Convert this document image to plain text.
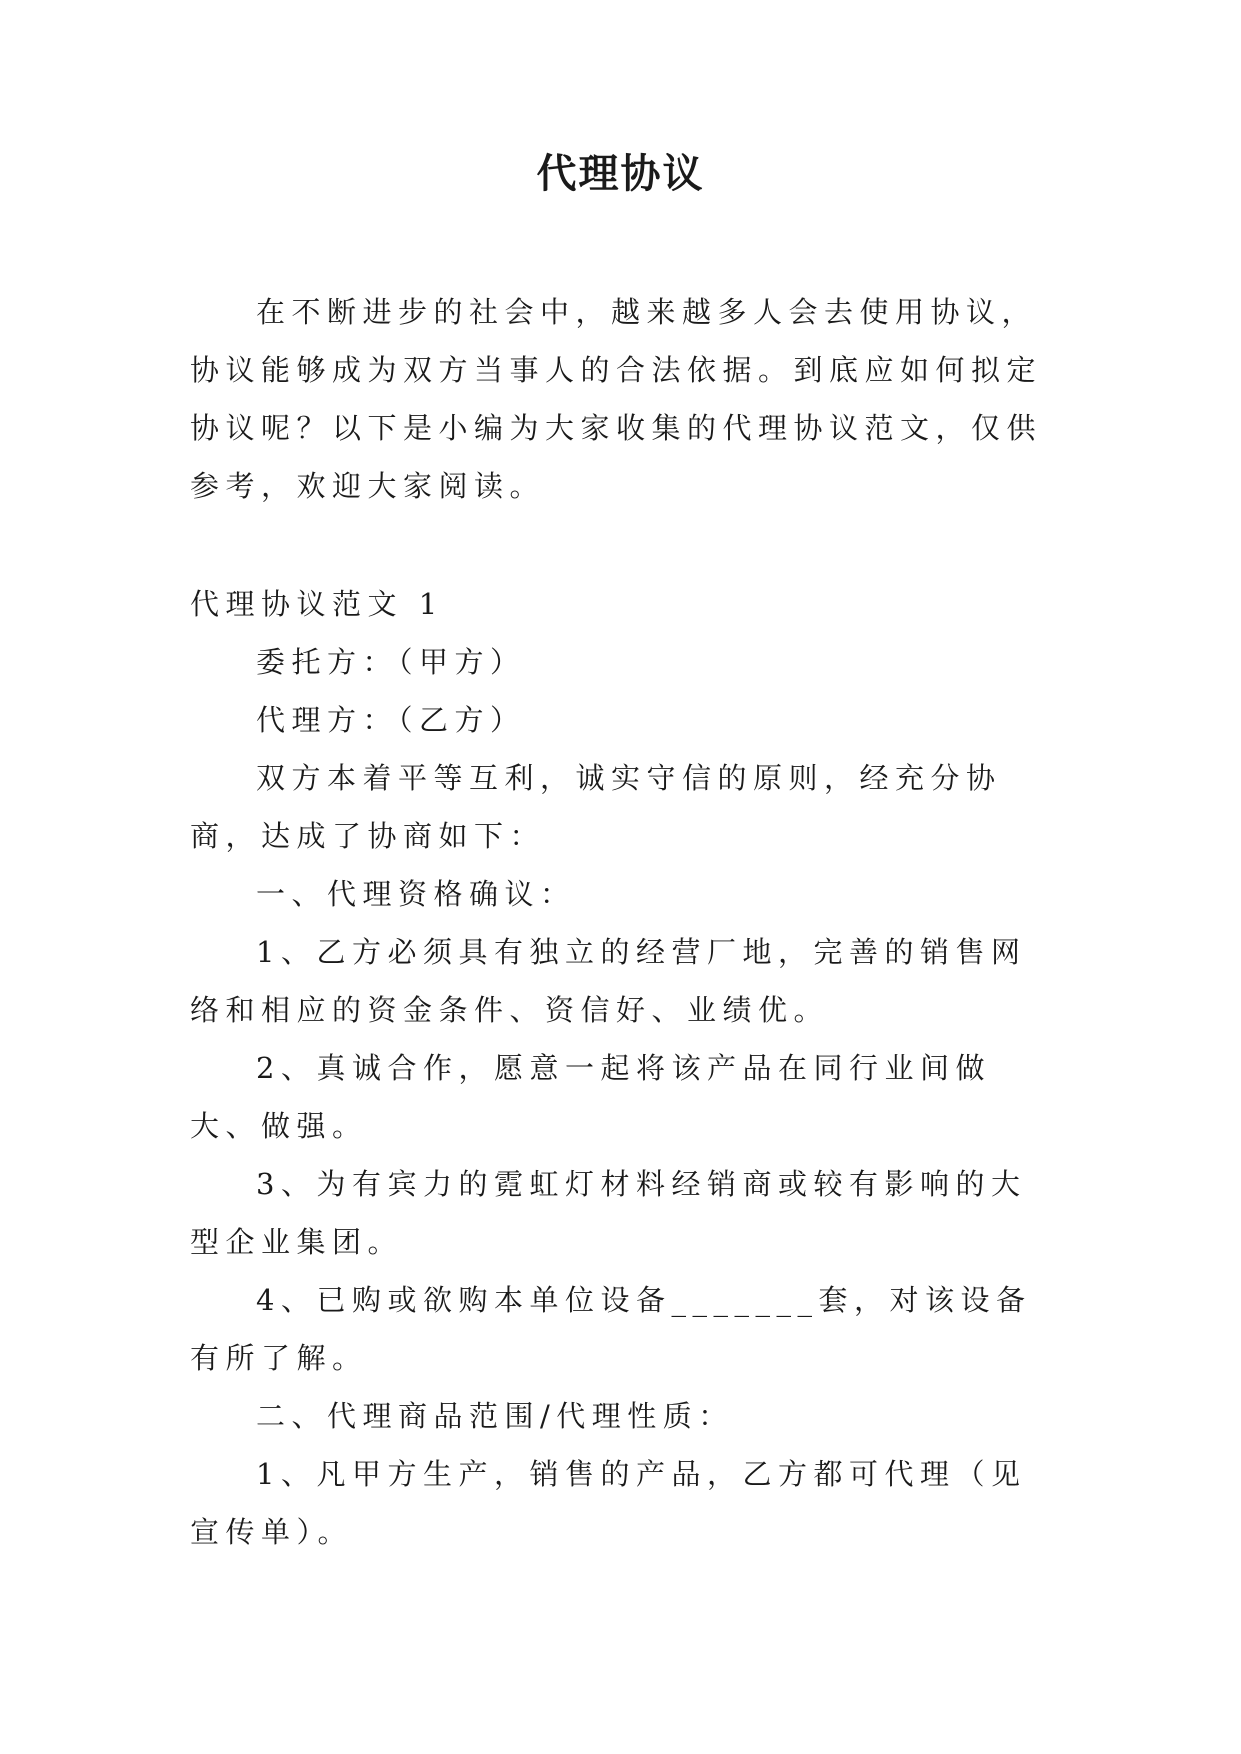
代理协议

在不断进步的社会中，越来越多人会去使用协议，协议能够成为双方当事人的合法依据。到底应如何拟定协议呢？以下是小编为大家收集的代理协议范文，仅供参考，欢迎大家阅读。

代理协议范文 1

委托方：（甲方）

代理方：（乙方）

双方本着平等互利，诚实守信的原则，经充分协商，达成了协商如下：

一、代理资格确议：

1、乙方必须具有独立的经营厂地，完善的销售网络和相应的资金条件、资信好、业绩优。

2、真诚合作，愿意一起将该产品在同行业间做大、做强。

3、为有宾力的霓虹灯材料经销商或较有影响的大型企业集团。

4、已购或欲购本单位设备_______套，对该设备有所了解。

二、代理商品范围/代理性质：

1、凡甲方生产，销售的产品，乙方都可代理（见宣传单）。
